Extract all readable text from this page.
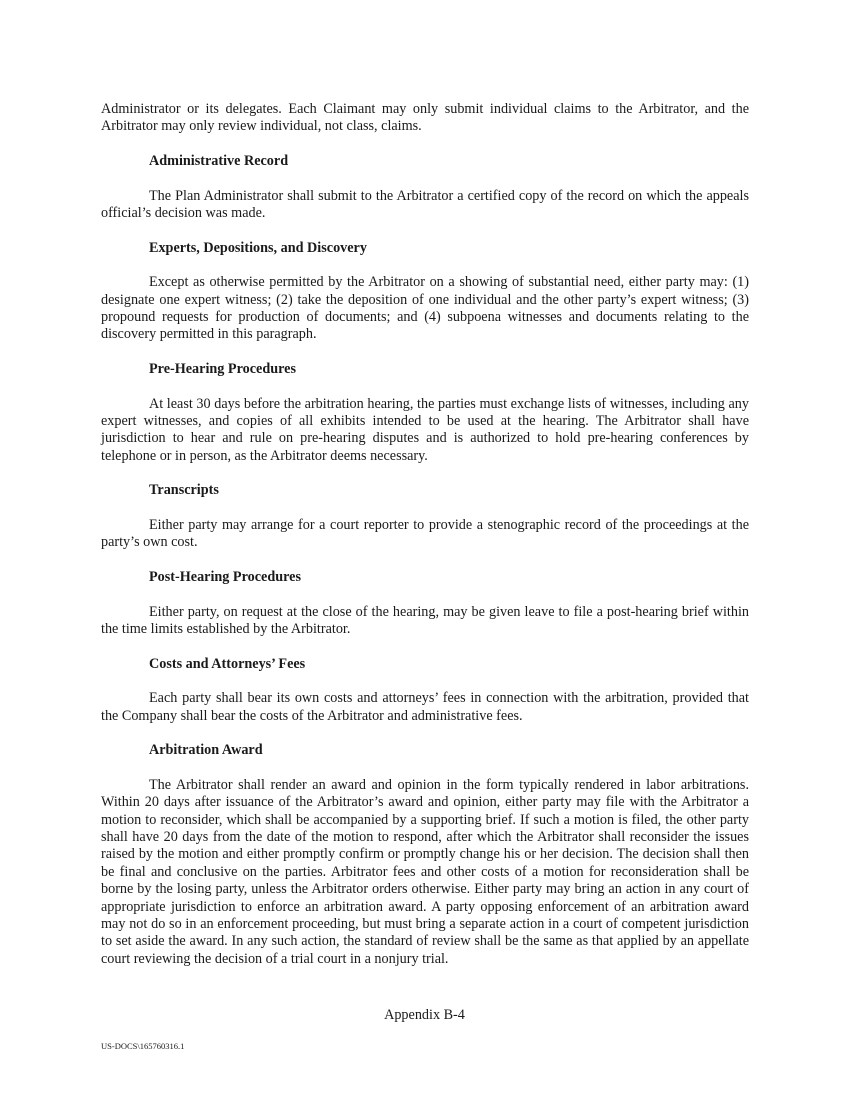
Administrator or its delegates. Each Claimant may only submit individual claims to the Arbitrator, and the Arbitrator may only review individual, not class, claims.

Administrative Record

The Plan Administrator shall submit to the Arbitrator a certified copy of the record on which the appeals official’s decision was made.

Experts, Depositions, and Discovery

Except as otherwise permitted by the Arbitrator on a showing of substantial need, either party may: (1) designate one expert witness; (2) take the deposition of one individual and the other party’s expert witness; (3) propound requests for production of documents; and (4) subpoena witnesses and documents relating to the discovery permitted in this paragraph.

Pre-Hearing Procedures

At least 30 days before the arbitration hearing, the parties must exchange lists of witnesses, including any expert witnesses, and copies of all exhibits intended to be used at the hearing. The Arbitrator shall have jurisdiction to hear and rule on pre-hearing disputes and is authorized to hold pre-hearing conferences by telephone or in person, as the Arbitrator deems necessary.

Transcripts

Either party may arrange for a court reporter to provide a stenographic record of the proceedings at the party’s own cost.

Post-Hearing Procedures

Either party, on request at the close of the hearing, may be given leave to file a post-hearing brief within the time limits established by the Arbitrator.

Costs and Attorneys’ Fees

Each party shall bear its own costs and attorneys’ fees in connection with the arbitration, provided that the Company shall bear the costs of the Arbitrator and administrative fees.

Arbitration Award

The Arbitrator shall render an award and opinion in the form typically rendered in labor arbitrations. Within 20 days after issuance of the Arbitrator’s award and opinion, either party may file with the Arbitrator a motion to reconsider, which shall be accompanied by a supporting brief. If such a motion is filed, the other party shall have 20 days from the date of the motion to respond, after which the Arbitrator shall reconsider the issues raised by the motion and either promptly confirm or promptly change his or her decision. The decision shall then be final and conclusive on the parties. Arbitrator fees and other costs of a motion for reconsideration shall be borne by the losing party, unless the Arbitrator orders otherwise. Either party may bring an action in any court of appropriate jurisdiction to enforce an arbitration award. A party opposing enforcement of an arbitration award may not do so in an enforcement proceeding, but must bring a separate action in a court of competent jurisdiction to set aside the award. In any such action, the standard of review shall be the same as that applied by an appellate court reviewing the decision of a trial court in a nonjury trial.

Appendix B-4
US-DOCS\165760316.1
